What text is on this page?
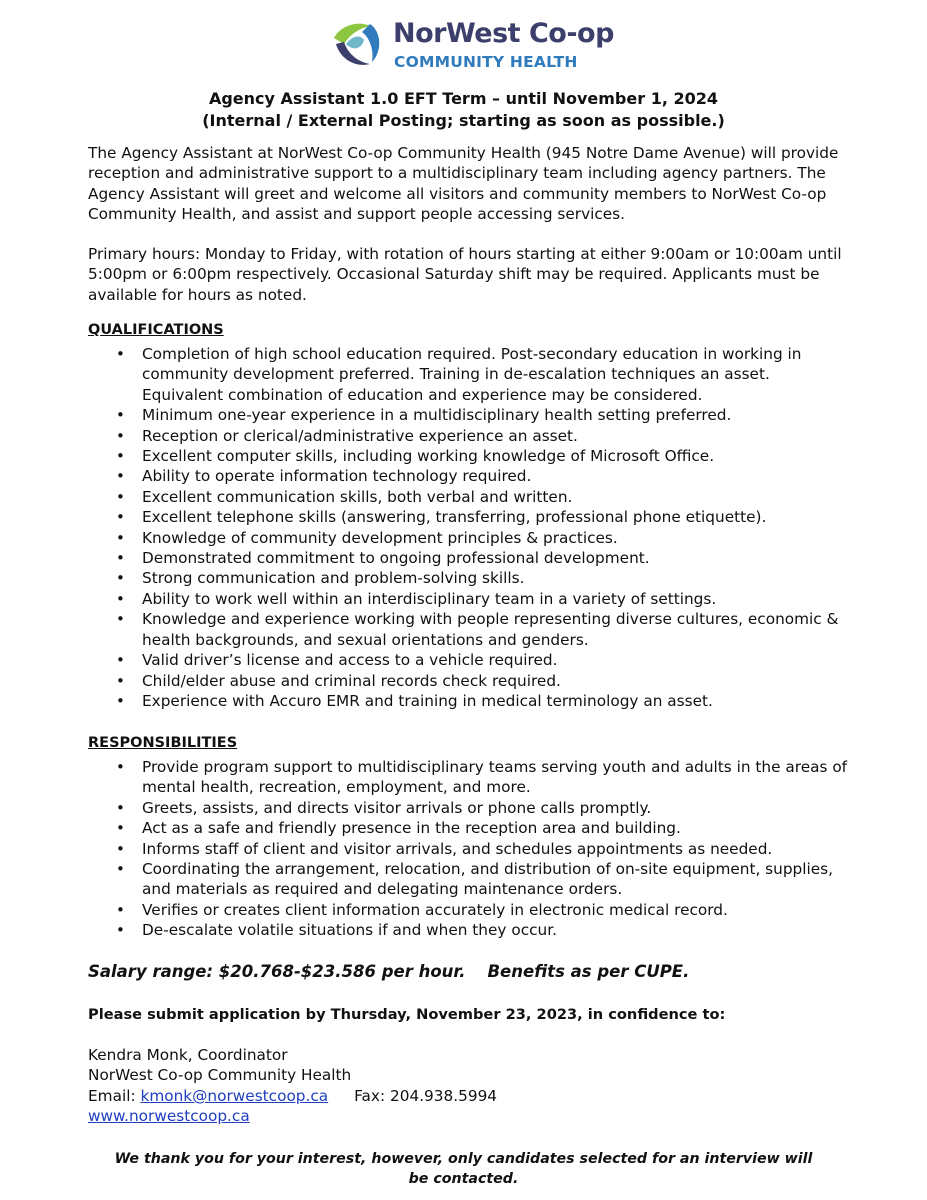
NorWest Co-op
COMMUNITY HEALTH
Agency Assistant 1.0 EFT Term – until November 1, 2024
(Internal / External Posting; starting as soon as possible.)

The Agency Assistant at NorWest Co-op Community Health (945 Notre Dame Avenue) will provide reception and administrative support to a multidisciplinary team including agency partners. The Agency Assistant will greet and welcome all visitors and community members to NorWest Co-op Community Health, and assist and support people accessing services.

Primary hours: Monday to Friday, with rotation of hours starting at either 9:00am or 10:00am until 5:00pm or 6:00pm respectively. Occasional Saturday shift may be required. Applicants must be available for hours as noted.

QUALIFICATIONS
• Completion of high school education required. Post-secondary education in working in community development preferred. Training in de-escalation techniques an asset. Equivalent combination of education and experience may be considered.
• Minimum one-year experience in a multidisciplinary health setting preferred.
• Reception or clerical/administrative experience an asset.
• Excellent computer skills, including working knowledge of Microsoft Office.
• Ability to operate information technology required.
• Excellent communication skills, both verbal and written.
• Excellent telephone skills (answering, transferring, professional phone etiquette).
• Knowledge of community development principles & practices.
• Demonstrated commitment to ongoing professional development.
• Strong communication and problem-solving skills.
• Ability to work well within an interdisciplinary team in a variety of settings.
• Knowledge and experience working with people representing diverse cultures, economic & health backgrounds, and sexual orientations and genders.
• Valid driver’s license and access to a vehicle required.
• Child/elder abuse and criminal records check required.
• Experience with Accuro EMR and training in medical terminology an asset.
RESPONSIBILITIES
• Provide program support to multidisciplinary teams serving youth and adults in the areas of mental health, recreation, employment, and more.
• Greets, assists, and directs visitor arrivals or phone calls promptly.
• Act as a safe and friendly presence in the reception area and building.
• Informs staff of client and visitor arrivals, and schedules appointments as needed.
• Coordinating the arrangement, relocation, and distribution of on-site equipment, supplies, and materials as required and delegating maintenance orders.
• Verifies or creates client information accurately in electronic medical record.
• De-escalate volatile situations if and when they occur.
Salary range: $20.768-$23.586 per hour. Benefits as per CUPE.
Please submit application by Thursday, November 23, 2023, in confidence to:
Kendra Monk, Coordinator
NorWest Co-op Community Health
Email: kmonk@norwestcoop.ca Fax: 204.938.5994
www.norwestcoop.ca
We thank you for your interest, however, only candidates selected for an interview will be contacted.
